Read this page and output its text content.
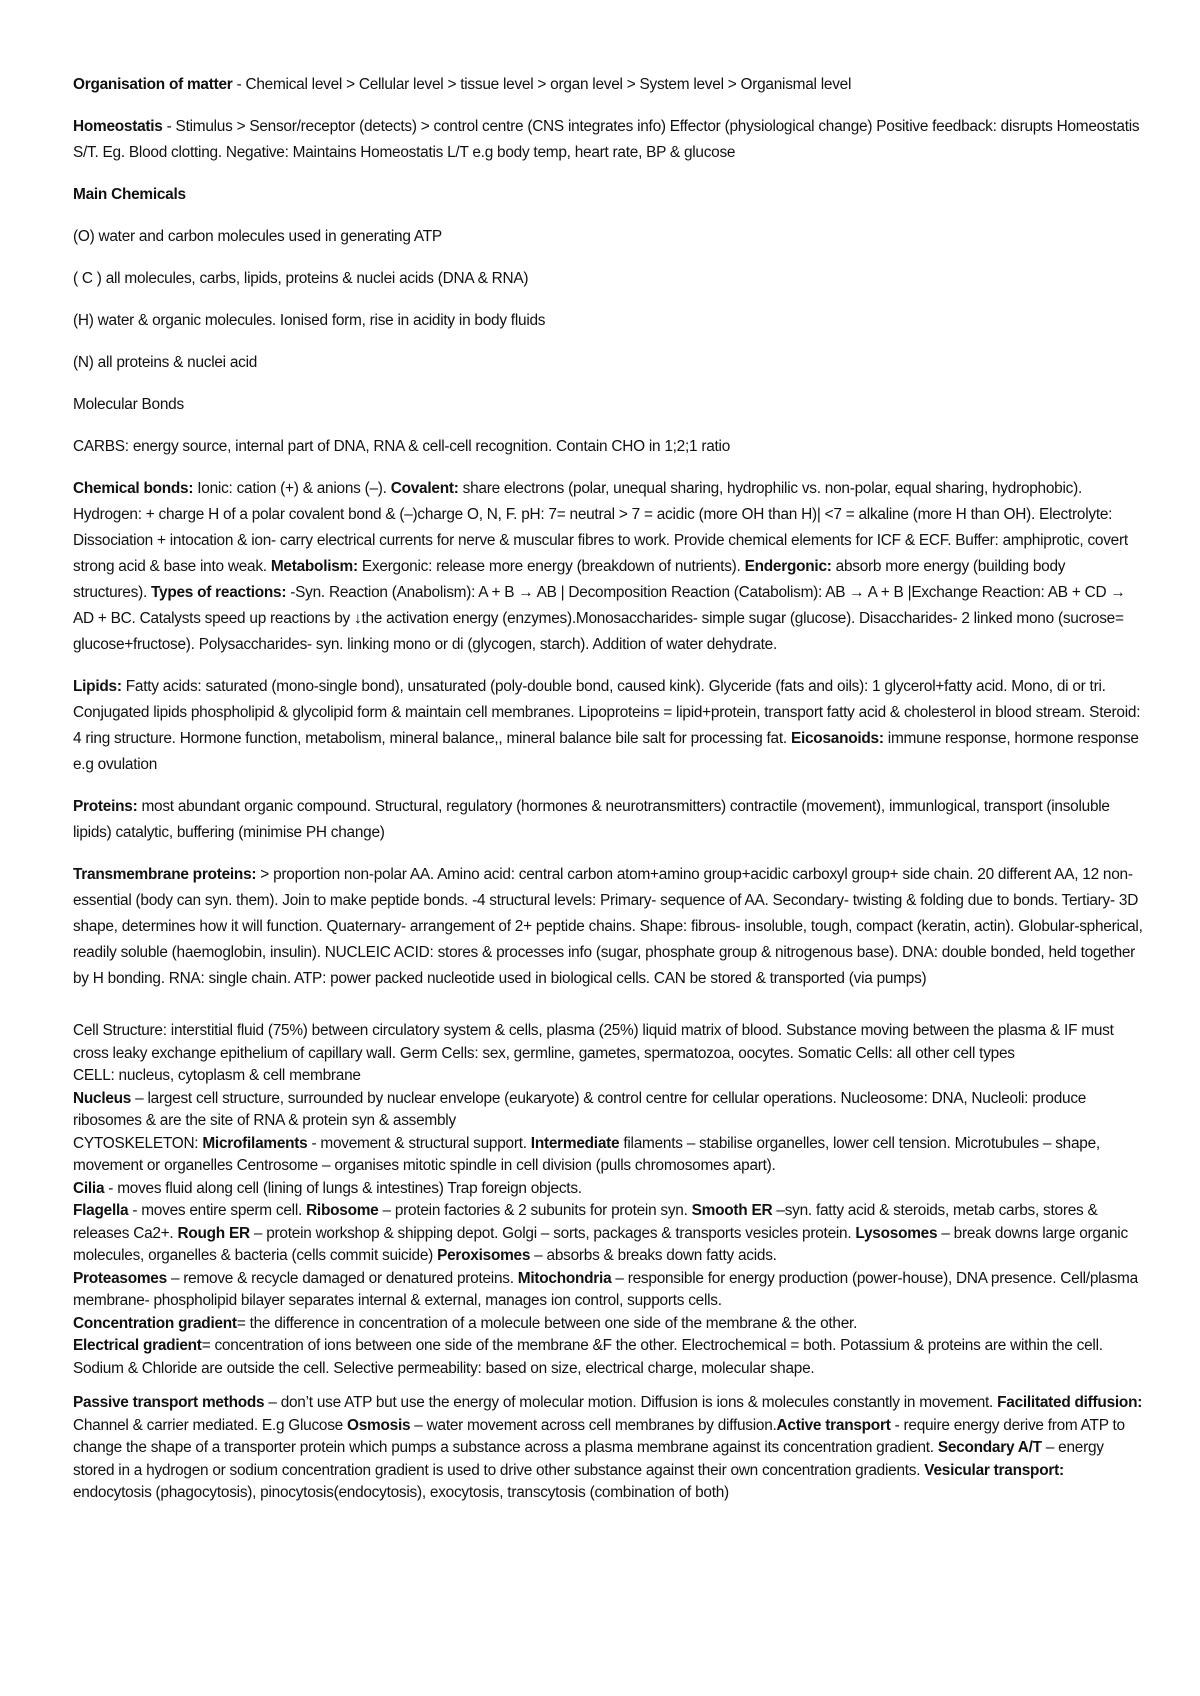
Organisation of matter - Chemical level > Cellular level > tissue level > organ level > System level > Organismal level

Homeostatis - Stimulus > Sensor/receptor (detects) > control centre (CNS integrates info) Effector (physiological change) Positive feedback: disrupts Homeostatis S/T. Eg. Blood clotting. Negative: Maintains Homeostatis L/T e.g body temp, heart rate, BP & glucose

Main Chemicals

(O) water and carbon molecules used in generating ATP

( C ) all molecules, carbs, lipids, proteins & nuclei acids (DNA & RNA)

(H) water & organic molecules. Ionised form, rise in acidity in body fluids

(N) all proteins & nuclei acid

Molecular Bonds

CARBS: energy source, internal part of DNA, RNA & cell-cell recognition. Contain CHO in 1;2;1 ratio

Chemical bonds: Ionic: cation (+) & anions (–). Covalent: share electrons (polar, unequal sharing, hydrophilic vs. non-polar, equal sharing, hydrophobic). Hydrogen: + charge H of a polar covalent bond & (–)charge O, N, F. pH: 7= neutral > 7 = acidic (more OH than H)| <7 = alkaline (more H than OH). Electrolyte: Dissociation + intocation & ion- carry electrical currents for nerve & muscular fibres to work. Provide chemical elements for ICF & ECF. Buffer: amphiprotic, covert strong acid & base into weak. Metabolism: Exergonic: release more energy (breakdown of nutrients). Endergonic: absorb more energy (building body structures). Types of reactions: -Syn. Reaction (Anabolism): A + B → AB | Decomposition Reaction (Catabolism): AB → A + B |Exchange Reaction: AB + CD → AD + BC. Catalysts speed up reactions by ↓the activation energy (enzymes).Monosaccharides- simple sugar (glucose). Disaccharides- 2 linked mono (sucrose= glucose+fructose). Polysaccharides- syn. linking mono or di (glycogen, starch). Addition of water dehydrate.

Lipids: Fatty acids: saturated (mono-single bond), unsaturated (poly-double bond, caused kink). Glyceride (fats and oils): 1 glycerol+fatty acid. Mono, di or tri. Conjugated lipids phospholipid & glycolipid form & maintain cell membranes. Lipoproteins = lipid+protein, transport fatty acid & cholesterol in blood stream. Steroid: 4 ring structure. Hormone function, metabolism, mineral balance,, mineral balance bile salt for processing fat. Eicosanoids: immune response, hormone response e.g ovulation

Proteins: most abundant organic compound. Structural, regulatory (hormones & neurotransmitters) contractile (movement), immunlogical, transport (insoluble lipids) catalytic, buffering (minimise PH change)

Transmembrane proteins: > proportion non-polar AA. Amino acid: central carbon atom+amino group+acidic carboxyl group+ side chain. 20 different AA, 12 non-essential (body can syn. them). Join to make peptide bonds. -4 structural levels: Primary- sequence of AA. Secondary- twisting & folding due to bonds. Tertiary- 3D shape, determines how it will function. Quaternary- arrangement of 2+ peptide chains. Shape: fibrous- insoluble, tough, compact (keratin, actin). Globular-spherical, readily soluble (haemoglobin, insulin). NUCLEIC ACID: stores & processes info (sugar, phosphate group & nitrogenous base). DNA: double bonded, held together by H bonding. RNA: single chain. ATP: power packed nucleotide used in biological cells. CAN be stored & transported (via pumps)

Cell Structure: interstitial fluid (75%) between circulatory system & cells, plasma (25%) liquid matrix of blood. Substance moving between the plasma & IF must cross leaky exchange epithelium of capillary wall. Germ Cells: sex, germline, gametes, spermatozoa, oocytes. Somatic Cells: all other cell types

CELL: nucleus, cytoplasm & cell membrane

Nucleus – largest cell structure, surrounded by nuclear envelope (eukaryote) & control centre for cellular operations. Nucleosome: DNA, Nucleoli: produce ribosomes & are the site of RNA & protein syn & assembly

CYTOSKELETON: Microfilaments - movement & structural support. Intermediate filaments – stabilise organelles, lower cell tension. Microtubules – shape, movement or organelles Centrosome – organises mitotic spindle in cell division (pulls chromosomes apart).

Cilia - moves fluid along cell (lining of lungs & intestines) Trap foreign objects.

Flagella - moves entire sperm cell. Ribosome – protein factories & 2 subunits for protein syn. Smooth ER –syn. fatty acid & steroids, metab carbs, stores & releases Ca2+. Rough ER – protein workshop & shipping depot. Golgi – sorts, packages & transports vesicles protein. Lysosomes – break downs large organic molecules, organelles & bacteria (cells commit suicide) Peroxisomes – absorbs & breaks down fatty acids.

Proteasomes – remove & recycle damaged or denatured proteins. Mitochondria – responsible for energy production (power-house), DNA presence. Cell/plasma membrane- phospholipid bilayer separates internal & external, manages ion control, supports cells.

Concentration gradient= the difference in concentration of a molecule between one side of the membrane & the other.

Electrical gradient= concentration of ions between one side of the membrane &F the other. Electrochemical = both. Potassium & proteins are within the cell. Sodium & Chloride are outside the cell. Selective permeability: based on size, electrical charge, molecular shape.

Passive transport methods – don’t use ATP but use the energy of molecular motion. Diffusion is ions & molecules constantly in movement. Facilitated diffusion: Channel & carrier mediated. E.g Glucose Osmosis – water movement across cell membranes by diffusion.Active transport - require energy derive from ATP to change the shape of a transporter protein which pumps a substance across a plasma membrane against its concentration gradient. Secondary A/T – energy stored in a hydrogen or sodium concentration gradient is used to drive other substance against their own concentration gradients. Vesicular transport: endocytosis (phagocytosis), pinocytosis(endocytosis), exocytosis, transcytosis (combination of both)
